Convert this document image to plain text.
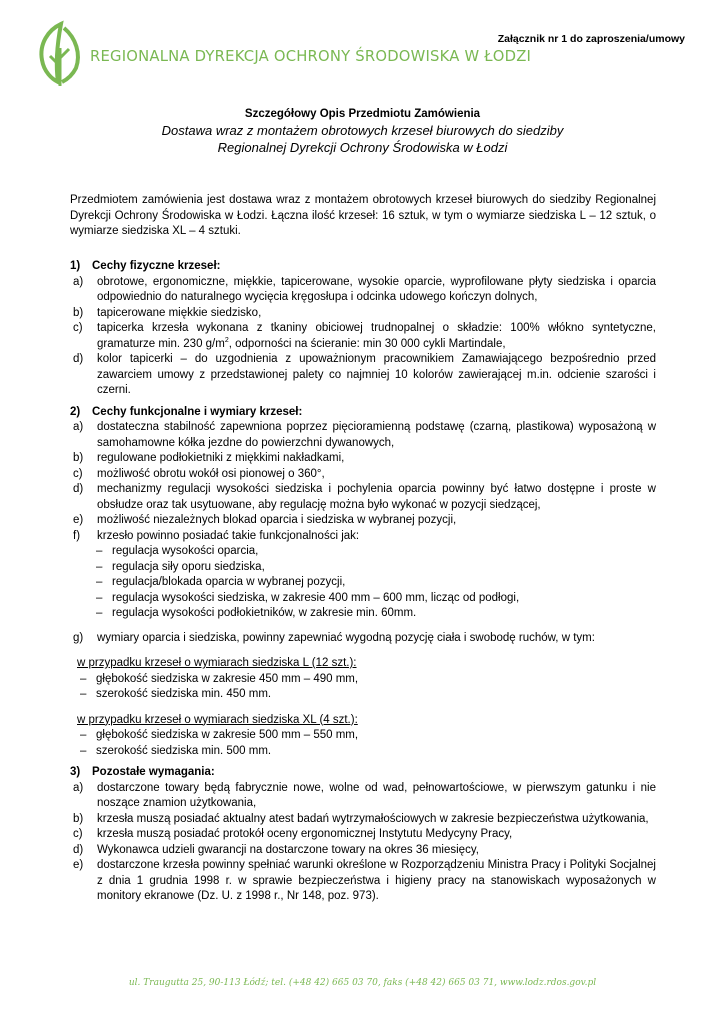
Załącznik nr 1 do zaproszenia/umowy
REGIONALNA DYREKCJA OCHRONY ŚRODOWISKA W ŁODZI
Szczegółowy Opis Przedmiotu Zamówienia
Dostawa wraz z montażem obrotowych krzeseł biurowych do siedziby
Regionalnej Dyrekcji Ochrony Środowiska w Łodzi
Przedmiotem zamówienia jest dostawa wraz z montażem obrotowych krzeseł biurowych do siedziby Regionalnej Dyrekcji Ochrony Środowiska w Łodzi. Łączna ilość krzeseł: 16 sztuk, w tym o wymiarze siedziska L – 12 sztuk, o wymiarze siedziska XL – 4 sztuki.
1) Cechy fizyczne krzeseł:
a) obrotowe, ergonomiczne, miękkie, tapicerowane, wysokie oparcie, wyprofilowane płyty siedziska i oparcia odpowiednio do naturalnego wycięcia kręgosłupa i odcinka udowego kończyn dolnych,
b) tapicerowane miękkie siedzisko,
c) tapicerka krzesła wykonana z tkaniny obiciowej trudnopalnej o składzie: 100% włókno syntetyczne, gramaturze min. 230 $g/m^2$, odporności na ścieranie: min 30 000 cykli Martindale,
d) kolor tapicerki – do uzgodnienia z upoważnionym pracownikiem Zamawiającego bezpośrednio przed zawarciem umowy z przedstawionej palety co najmniej 10 kolorów zawierającej m.in. odcienie szarości i czerni.
2) Cechy funkcjonalne i wymiary krzeseł:
a) dostateczna stabilność zapewniona poprzez pięcioramienną podstawę (czarną, plastikowa) wyposażoną w samohamowne kółka jezdne do powierzchni dywanowych,
b) regulowane podłokietniki z miękkimi nakładkami,
c) możliwość obrotu wokół osi pionowej o 360°,
d) mechanizmy regulacji wysokości siedziska i pochylenia oparcia powinny być łatwo dostępne i proste w obsłudze oraz tak usytuowane, aby regulację można było wykonać w pozycji siedzącej,
e) możliwość niezależnych blokad oparcia i siedziska w wybranej pozycji,
f) krzesło powinno posiadać takie funkcjonalności jak:
– regulacja wysokości oparcia,
– regulacja siły oporu siedziska,
– regulacja/blokada oparcia w wybranej pozycji,
– regulacja wysokości siedziska, w zakresie 400 mm – 600 mm, licząc od podłogi,
– regulacja wysokości podłokietników, w zakresie min. 60mm.
g) wymiary oparcia i siedziska, powinny zapewniać wygodną pozycję ciała i swobodę ruchów, w tym:
w przypadku krzeseł o wymiarach siedziska L (12 szt.):
– głębokość siedziska w zakresie 450 mm – 490 mm,
– szerokość siedziska min. 450 mm.
w przypadku krzeseł o wymiarach siedziska XL (4 szt.):
– głębokość siedziska w zakresie 500 mm – 550 mm,
– szerokość siedziska min. 500 mm.
3) Pozostałe wymagania:
a) dostarczone towary będą fabrycznie nowe, wolne od wad, pełnowartościowe, w pierwszym gatunku i nie noszące znamion użytkowania,
b) krzesła muszą posiadać aktualny atest badań wytrzymałościowych w zakresie bezpieczeństwa użytkowania,
c) krzesła muszą posiadać protokół oceny ergonomicznej Instytutu Medycyny Pracy,
d) Wykonawca udzieli gwarancji na dostarczone towary na okres 36 miesięcy,
e) dostarczone krzesła powinny spełniać warunki określone w Rozporządzeniu Ministra Pracy i Polityki Socjalnej z dnia 1 grudnia 1998 r. w sprawie bezpieczeństwa i higieny pracy na stanowiskach wyposażonych w monitory ekranowe (Dz. U. z 1998 r., Nr 148, poz. 973).
ul. Traugutta 25, 90-113 Łódź; tel. (+48 42) 665 03 70, faks (+48 42) 665 03 71, www.lodz.rdos.gov.pl
